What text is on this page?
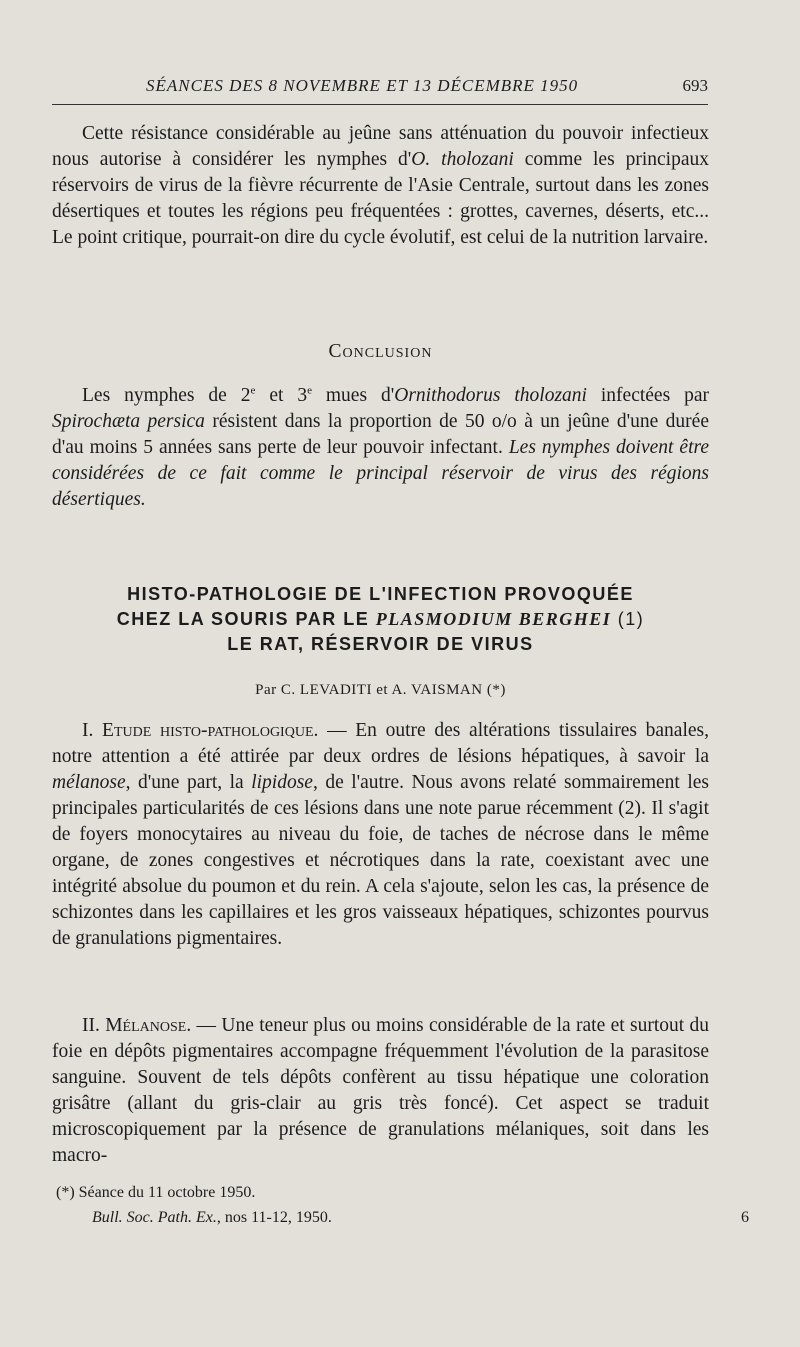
SÉANCES DES 8 NOVEMBRE ET 13 DÉCEMBRE 1950	693

Cette résistance considérable au jeûne sans atténuation du pouvoir infectieux nous autorise à considérer les nymphes d'O. tholozani comme les principaux réservoirs de virus de la fièvre récurrente de l'Asie Centrale, surtout dans les zones désertiques et toutes les régions peu fréquentées : grottes, cavernes, déserts, etc... Le point critique, pourrait-on dire du cycle évolutif, est celui de la nutrition larvaire.

Conclusion

Les nymphes de 2e et 3e mues d'Ornithodorus tholozani infectées par Spirochæta persica résistent dans la proportion de 50 o/o à un jeûne d'une durée d'au moins 5 années sans perte de leur pouvoir infectant. Les nymphes doivent être considérées de ce fait comme le principal réservoir de virus des régions désertiques.

HISTO-PATHOLOGIE DE L'INFECTION PROVOQUÉE
CHEZ LA SOURIS PAR LE PLASMODIUM BERGHEI (1)
LE RAT, RÉSERVOIR DE VIRUS
Par C. LEVADITI et A. VAISMAN (*)

I. Etude histo-pathologique. — En outre des altérations tissulaires banales, notre attention a été attirée par deux ordres de lésions hépatiques, à savoir la mélanose, d'une part, la lipidose, de l'autre. Nous avons relaté sommairement les principales particularités de ces lésions dans une note parue récemment (2). Il s'agit de foyers monocytaires au niveau du foie, de taches de nécrose dans le même organe, de zones congestives et nécrotiques dans la rate, coexistant avec une intégrité absolue du poumon et du rein. A cela s'ajoute, selon les cas, la présence de schizontes dans les capillaires et les gros vaisseaux hépatiques, schizontes pourvus de granulations pigmentaires.

II. Mélanose. — Une teneur plus ou moins considérable de la rate et surtout du foie en dépôts pigmentaires accompagne fréquemment l'évolution de la parasitose sanguine. Souvent de tels dépôts confèrent au tissu hépatique une coloration grisâtre (allant du gris-clair au gris très foncé). Cet aspect se traduit microscopiquement par la présence de granulations mélaniques, soit dans les macro-

(*) Séance du 11 octobre 1950.
Bull. Soc. Path. Ex., nos 11-12, 1950.	6
